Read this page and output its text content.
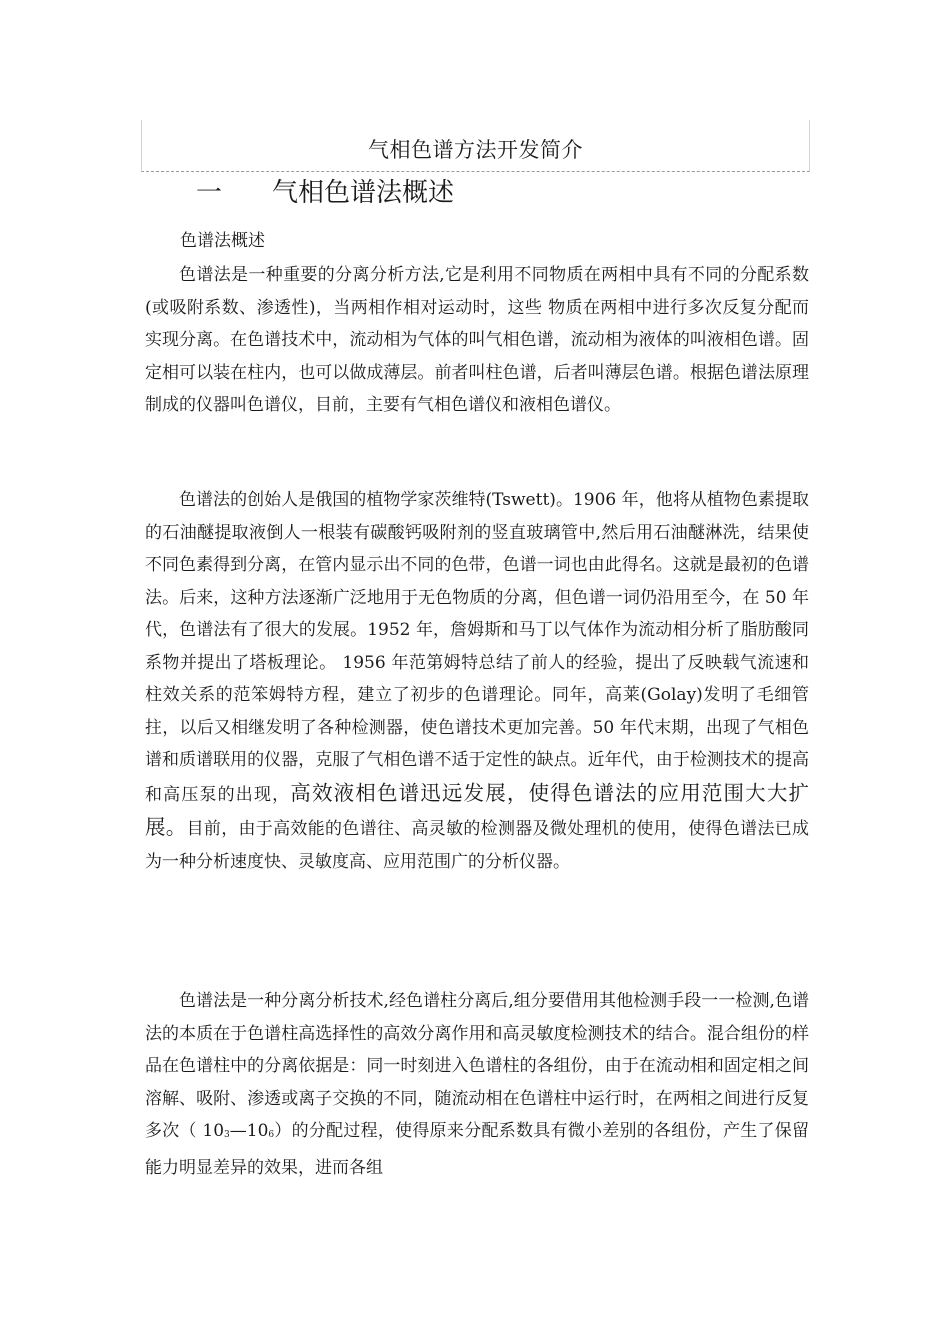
气相色谱方法开发简介
一 气相色谱法概述
色谱法概述

色谱法是一种重要的分离分析方法,它是利用不同物质在两相中具有不同的分配系数(或吸附系数、渗透性)，当两相作相对运动时，这些 物质在两相中进行多次反复分配而实现分离。在色谱技术中，流动相为气体的叫气相色谱，流动相为液体的叫液相色谱。固定相可以装在柱内，也可以做成薄层。前者叫柱色谱，后者叫薄层色谱。根据色谱法原理制成的仪器叫色谱仪，目前，主要有气相色谱仪和液相色谱仪。

色谱法的创始人是俄国的植物学家茨维特(Tswett)。1906 年，他将从植物色素提取的石油醚提取液倒人一根装有碳酸钙吸附剂的竖直玻璃管中,然后用石油醚淋洗，结果使不同色素得到分离，在管内显示出不同的色带，色谱一词也由此得名。这就是最初的色谱法。后来，这种方法逐渐广泛地用于无色物质的分离，但色谱一词仍沿用至今，在 50 年代，色谱法有了很大的发展。1952 年，詹姆斯和马丁以气体作为流动相分析了脂肪酸同系物并提出了塔板理论。 1956 年范第姆特总结了前人的经验，提出了反映载气流速和柱效关系的范笨姆特方程，建立了初步的色谱理论。同年，高莱(Golay)发明了毛细管拄，以后又相继发明了各种检测器，使色谱技术更加完善。50 年代末期，出现了气相色谱和质谱联用的仪器，克服了气相色谱不适于定性的缺点。近年代，由于检测技术的提高和高压泵的出现，高效液相色谱迅远发展，使得色谱法的应用范围大大扩展。目前，由于高效能的色谱往、高灵敏的检测器及微处理机的使用，使得色谱法已成为一种分析速度快、灵敏度高、应用范围广的分析仪器。

色谱法是一种分离分析技术,经色谱柱分离后,组分要借用其他检测手段一一检测,色谱法的本质在于色谱柱高选择性的高效分离作用和高灵敏度检测技术的结合。混合组份的样品在色谱柱中的分离依据是：同一时刻进入色谱柱的各组份，由于在流动相和固定相之间溶解、吸附、渗透或离子交换的不同，随流动相在色谱柱中运行时，在两相之间进行反复多次（ $10_3—10_6$）的分配过程，使得原来分配系数具有微小差别的各组份，产生了保留能力明显差异的效果，进而各组
